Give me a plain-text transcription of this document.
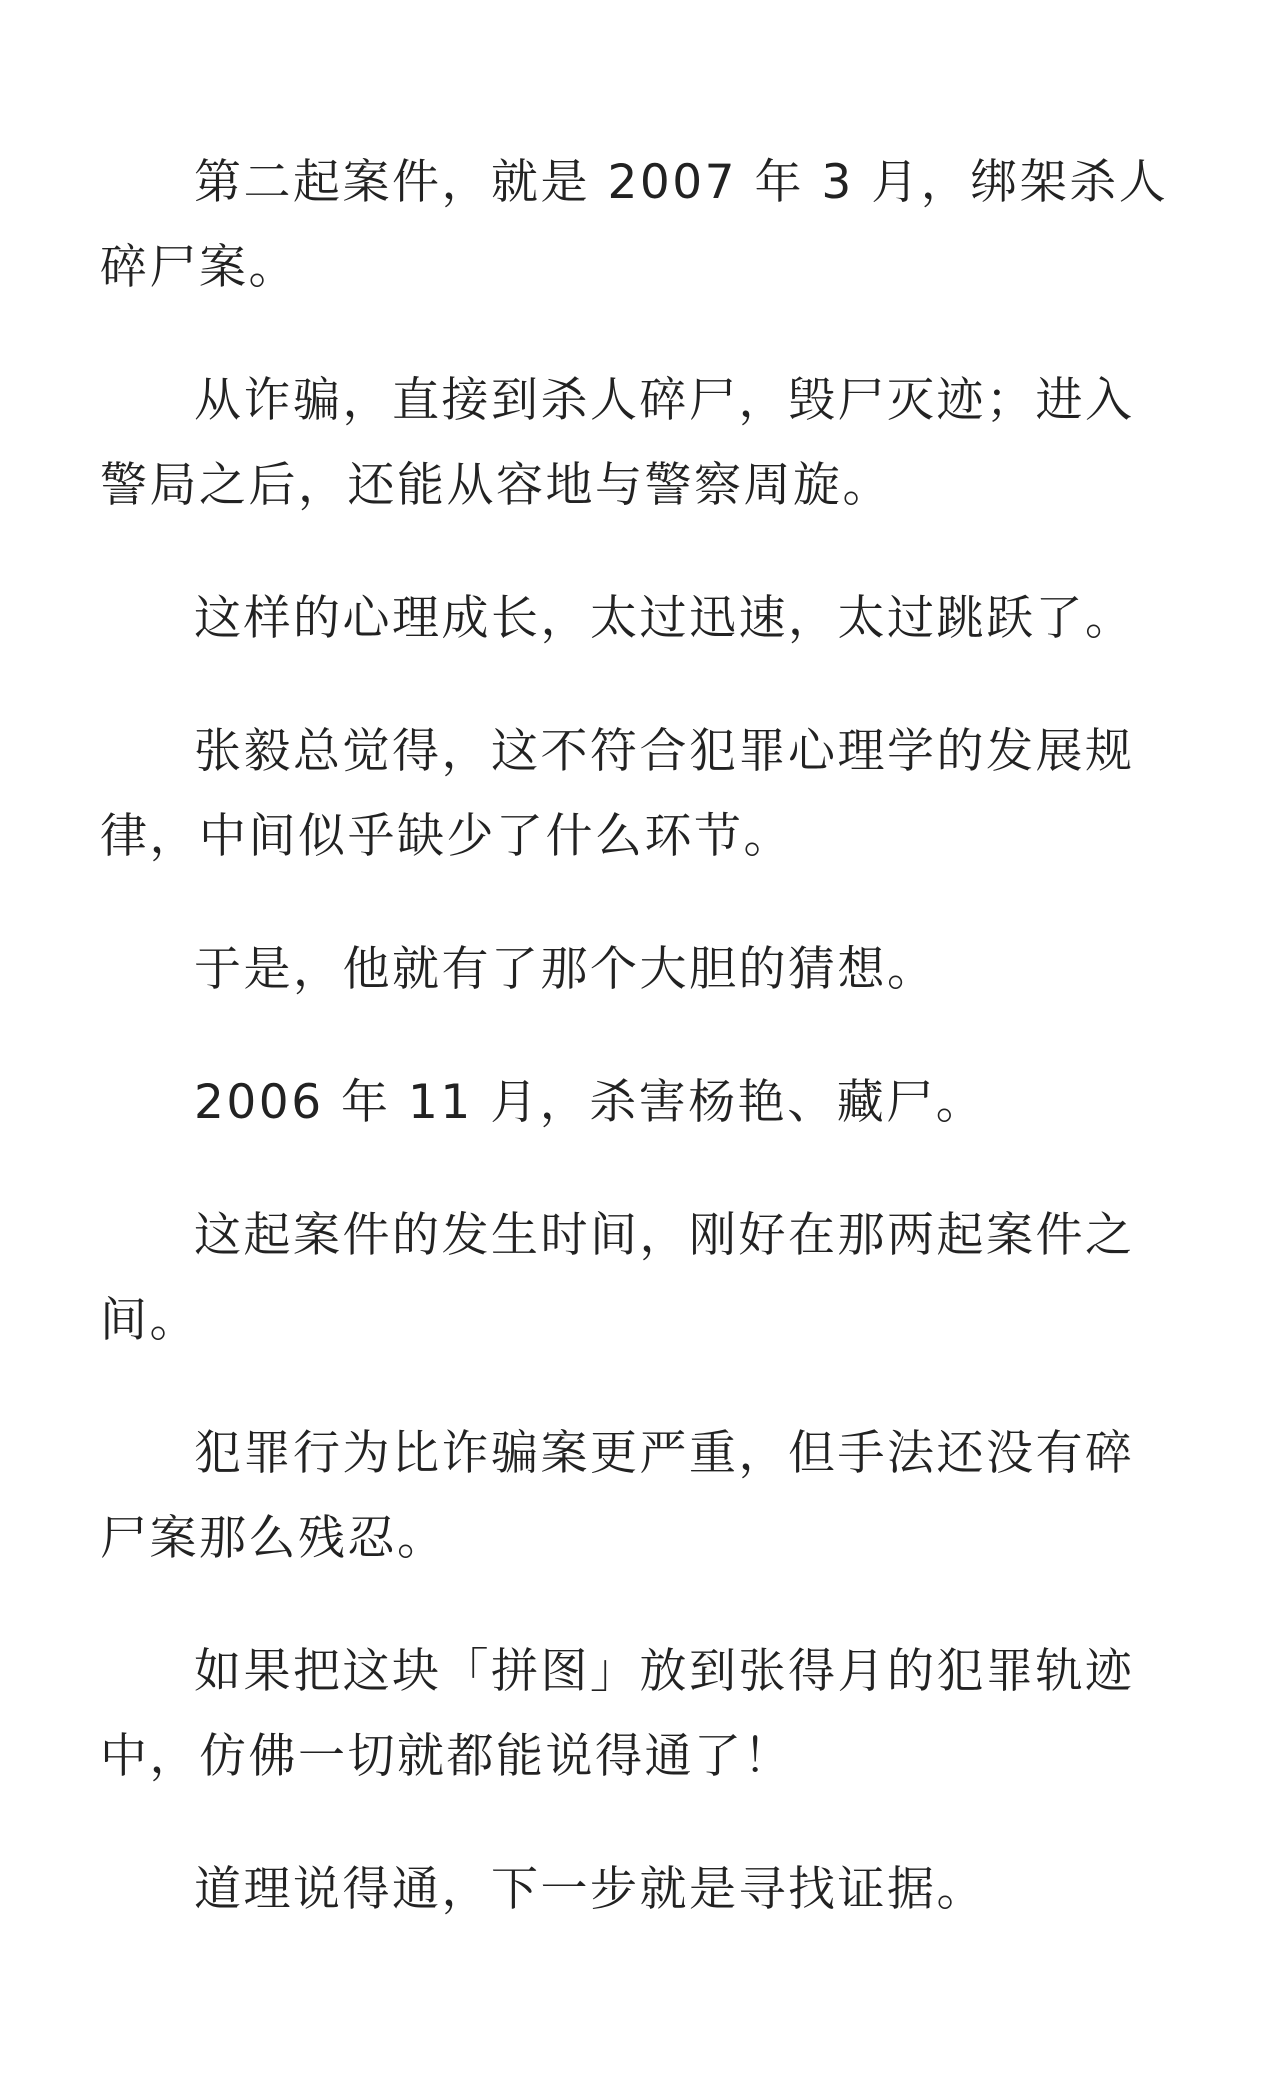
第二起案件，就是 2007 年 3 月，绑架杀人碎尸案。

从诈骗，直接到杀人碎尸，毁尸灭迹；进入警局之后，还能从容地与警察周旋。

这样的心理成长，太过迅速，太过跳跃了。

张毅总觉得，这不符合犯罪心理学的发展规律，中间似乎缺少了什么环节。

于是，他就有了那个大胆的猜想。

2006 年 11 月，杀害杨艳、藏尸。

这起案件的发生时间，刚好在那两起案件之间。

犯罪行为比诈骗案更严重，但手法还没有碎尸案那么残忍。

如果把这块「拼图」放到张得月的犯罪轨迹中，仿佛一切就都能说得通了！

道理说得通，下一步就是寻找证据。
